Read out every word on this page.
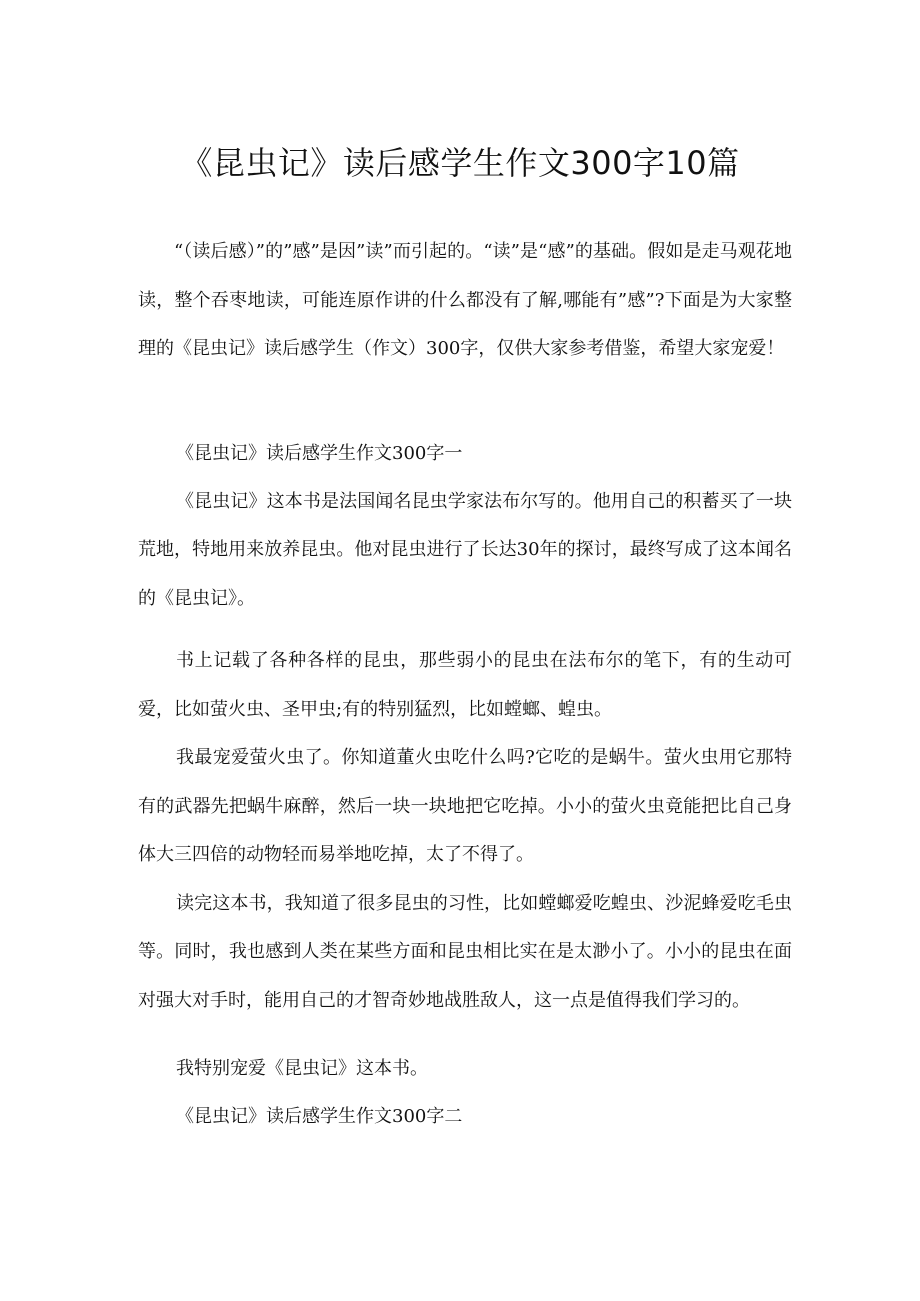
《昆虫记》读后感学生作文300字10篇

“（读后感）”的”感”是因”读”而引起的。“读”是“感”的基础。假如是走马观花地读，整个吞枣地读，可能连原作讲的什么都没有了解,哪能有”感”?下面是为大家整理的《昆虫记》读后感学生（作文）300字，仅供大家参考借鉴，希望大家宠爱！

《昆虫记》读后感学生作文300字一

《昆虫记》这本书是法国闻名昆虫学家法布尔写的。他用自己的积蓄买了一块荒地，特地用来放养昆虫。他对昆虫进行了长达30年的探讨，最终写成了这本闻名的《昆虫记》。

书上记载了各种各样的昆虫，那些弱小的昆虫在法布尔的笔下，有的生动可爱，比如萤火虫、圣甲虫;有的特别猛烈，比如螳螂、蝗虫。

我最宠爱萤火虫了。你知道董火虫吃什么吗?它吃的是蜗牛。萤火虫用它那特有的武器先把蜗牛麻醉，然后一块一块地把它吃掉。小小的萤火虫竟能把比自己身体大三四倍的动物轻而易举地吃掉，太了不得了。

读完这本书，我知道了很多昆虫的习性，比如螳螂爱吃蝗虫、沙泥蜂爱吃毛虫等。同时，我也感到人类在某些方面和昆虫相比实在是太渺小了。小小的昆虫在面对强大对手时，能用自己的才智奇妙地战胜敌人，这一点是值得我们学习的。

我特别宠爱《昆虫记》这本书。

《昆虫记》读后感学生作文300字二
